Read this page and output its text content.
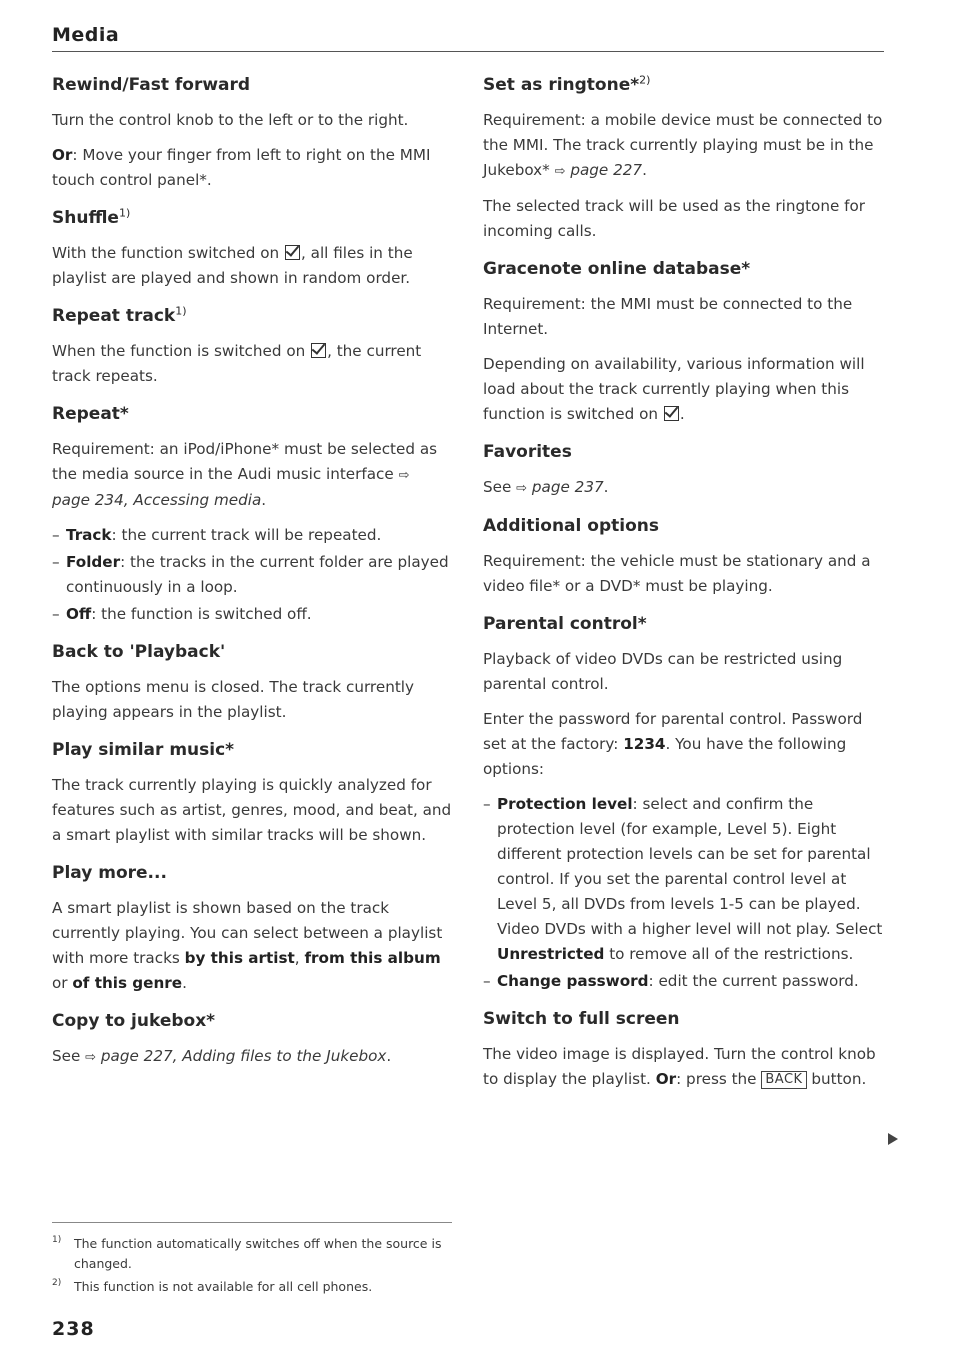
Media
Rewind/Fast forward

Turn the control knob to the left or to the right.

Or: Move your finger from left to right on the MMI touch control panel*.

Shuffle$^{1)}$

With the function switched on , all files in the playlist are played and shown in random order.

Repeat track$^{1)}$

When the function is switched on , the current track repeats.

Repeat*

Requirement: an iPod/iPhone* must be selected as the media source in the Audi music interface ⇨ page 234, Accessing media.

– Track: the current track will be repeated.
– Folder: the tracks in the current folder are played continuously in a loop.
– Off: the function is switched off.
Back to 'Playback'

The options menu is closed. The track currently playing appears in the playlist.

Play similar music*

The track currently playing is quickly analyzed for features such as artist, genres, mood, and beat, and a smart playlist with similar tracks will be shown.

Play more...

A smart playlist is shown based on the track currently playing. You can select between a playlist with more tracks by this artist, from this album or of this genre.

Copy to jukebox*

See ⇨ page 227, Adding files to the Jukebox.

Set as ringtone*$^{2)}$

Requirement: a mobile device must be connected to the MMI. The track currently playing must be in the Jukebox* ⇨ page 227.

The selected track will be used as the ringtone for incoming calls.

Gracenote online database*

Requirement: the MMI must be connected to the Internet.

Depending on availability, various information will load about the track currently playing when this function is switched on .

Favorites

See ⇨ page 237.

Additional options

Requirement: the vehicle must be stationary and a video file* or a DVD* must be playing.

Parental control*

Playback of video DVDs can be restricted using parental control.

Enter the password for parental control. Password set at the factory: 1234. You have the following options:

– Protection level: select and confirm the protection level (for example, Level 5). Eight different protection levels can be set for parental control. If you set the parental control level at Level 5, all DVDs from levels 1-5 can be played. Video DVDs with a higher level will not play. Select Unrestricted to remove all of the restrictions.
– Change password: edit the current password.
Switch to full screen

The video image is displayed. Turn the control knob to display the playlist. Or: press the BACK button.

1)	The function automatically switches off when the source is changed.
2)	This function is not available for all cell phones.
238
